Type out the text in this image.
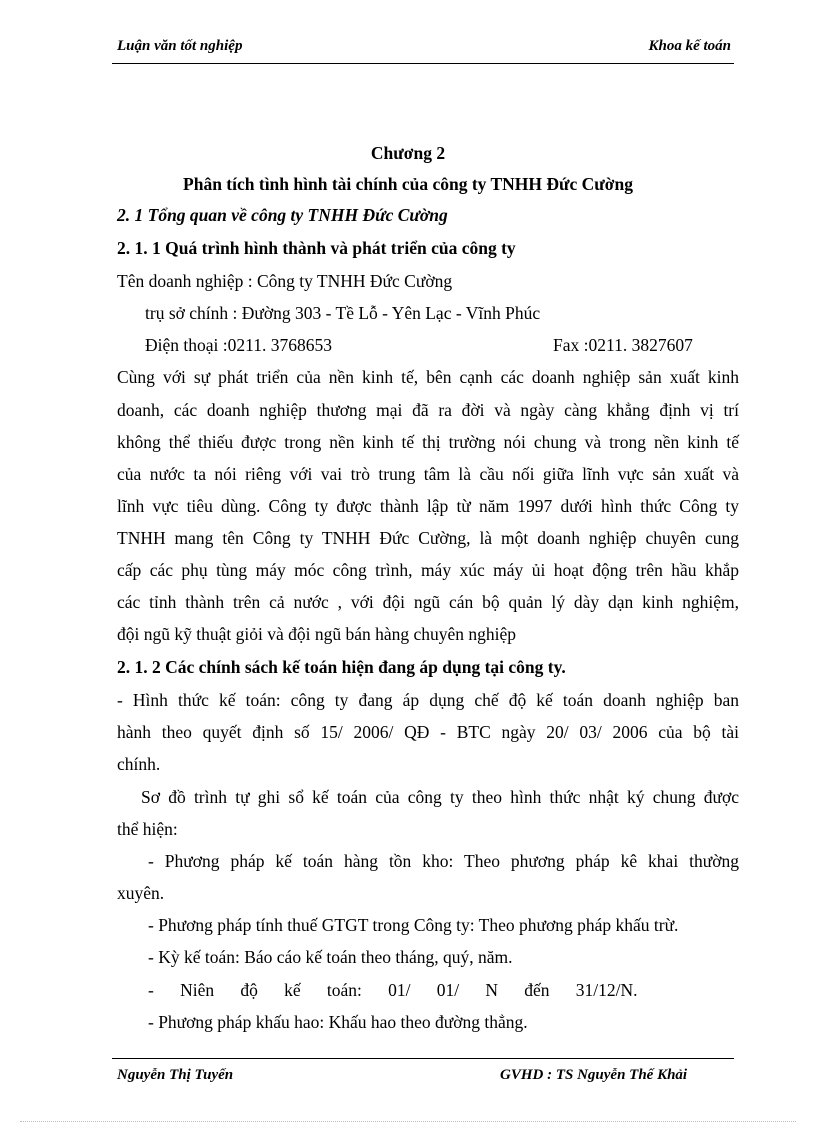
Luận văn tốt nghiệp	Khoa kế toán
Chương 2
Phân tích tình hình tài chính của công ty TNHH Đức Cường
2. 1 Tổng quan về công ty TNHH Đức Cường
2. 1. 1 Quá trình hình thành và phát triển của công ty
Tên doanh nghiệp : Công ty TNHH Đức Cường
trụ sở chính : Đường 303 - Tề Lỗ - Yên Lạc - Vĩnh Phúc
Điện thoại :0211. 3768653	Fax :0211. 3827607
Cùng với sự phát triển của nền kinh tế, bên cạnh các doanh nghiệp sản xuất kinh
doanh, các doanh nghiệp thương mại đã ra đời và ngày càng khẳng định vị trí
không thể thiếu được trong nền kinh tế thị trường nói chung và trong nền kinh tế
của nước ta nói riêng với vai trò trung tâm là cầu nối giữa lĩnh vực sản xuất và
lĩnh vực tiêu dùng. Công ty được thành lập từ năm 1997 dưới hình thức Công ty
TNHH mang tên Công ty TNHH Đức Cường, là một doanh nghiệp chuyên cung
cấp các phụ tùng máy móc công trình, máy xúc máy ủi hoạt động trên hầu khắp
các tỉnh thành trên cả nước , với đội ngũ cán bộ quản lý dày dạn kinh nghiệm,
đội ngũ kỹ thuật giỏi và đội ngũ bán hàng chuyên nghiệp
2. 1. 2 Các chính sách kế toán hiện đang áp dụng tại công ty.
- Hình thức kế toán: công ty đang áp dụng chế độ kế toán doanh nghiệp ban
hành theo quyết định số 15/ 2006/ QĐ - BTC ngày 20/ 03/ 2006 của bộ tài
chính.
Sơ đồ trình tự ghi sổ kế toán của công ty theo hình thức nhật ký chung được
thể hiện:
- Phương pháp kế toán hàng tồn kho: Theo phương pháp kê khai thường
xuyên.
- Phương pháp tính thuế GTGT trong Công ty: Theo phương pháp khấu trừ.
- Kỳ kế toán: Báo cáo kế toán theo tháng, quý, năm.
-      Niên      độ      kế      toán:      01/      01/      N      đến      31/12/N.
- Phương pháp khấu hao: Khấu hao theo đường thẳng.
Nguyễn Thị Tuyến	GVHD : TS Nguyễn Thế Khải
